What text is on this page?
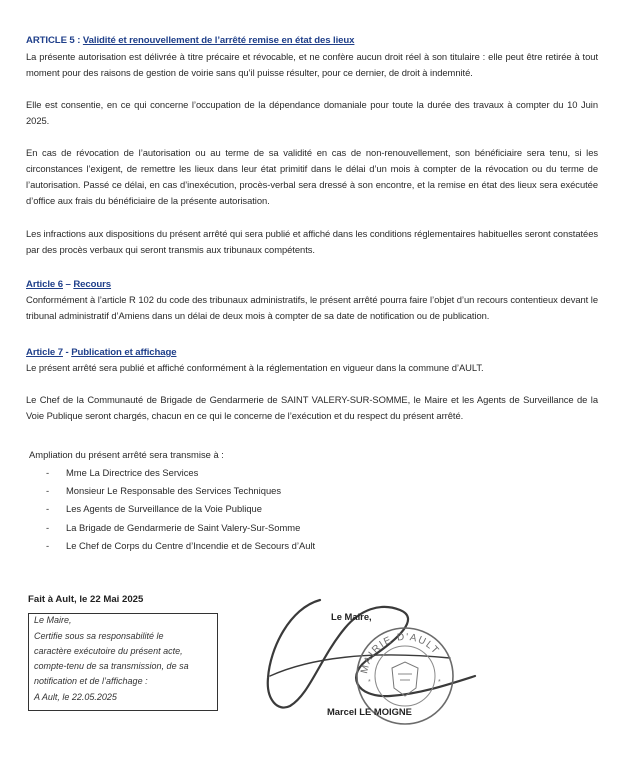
ARTICLE 5 : Validité et renouvellement de l’arrêté remise en état des lieux
La présente autorisation est délivrée à titre précaire et révocable, et ne confère aucun droit réel à son titulaire : elle peut être retirée à tout moment pour des raisons de gestion de voirie sans qu’il puisse résulter, pour ce dernier, de droit à indemnité.
Elle est consentie, en ce qui concerne l’occupation de la dépendance domaniale pour toute la durée des travaux à compter du 10 Juin 2025.
En cas de révocation de l’autorisation ou au terme de sa validité en cas de non-renouvellement, son bénéficiaire sera tenu, si les circonstances l’exigent, de remettre les lieux dans leur état primitif dans le délai d’un mois à compter de la révocation ou du terme de l’autorisation. Passé ce délai, en cas d’inexécution, procès-verbal sera dressé à son encontre, et la remise en état des lieux sera exécutée d’office aux frais du bénéficiaire de la présente autorisation.
Les infractions aux dispositions du présent arrêté qui sera publié et affiché dans les conditions réglementaires habituelles seront constatées par des procès verbaux qui seront transmis aux tribunaux compétents.
Article 6 – Recours
Conformément à l’article R 102 du code des tribunaux administratifs, le présent arrêté pourra faire l’objet d’un recours contentieux devant le tribunal administratif d’Amiens dans un délai de deux mois à compter de sa date de notification ou de publication.
Article 7 - Publication et affichage
Le présent arrêté sera publié et affiché conformément à la réglementation en vigueur dans la commune d’AULT.
Le Chef de la Communauté de Brigade de Gendarmerie de SAINT VALERY-SUR-SOMME, le Maire et les Agents de Surveillance de la Voie Publique seront chargés, chacun en ce qui le concerne de l’exécution et du respect du présent arrêté.
Ampliation du présent arrêté sera transmise à :
- Mme La Directrice des Services
- Monsieur Le Responsable des Services Techniques
- Les Agents de Surveillance de la Voie Publique
- La Brigade de Gendarmerie de Saint Valery-Sur-Somme
- Le Chef de Corps du Centre d’Incendie et de Secours d’Ault
Fait à Ault, le 22 Mai 2025
Le Maire,
Certifie sous sa responsabilité le
caractère exécutoire du présent acte,
compte-tenu de sa transmission, de sa
notification et de l’affichage :
A Ault, le 22.05.2025
Le Maire,
MAIRIE D'AULT
*	*
Marcel LE MOIGNE
